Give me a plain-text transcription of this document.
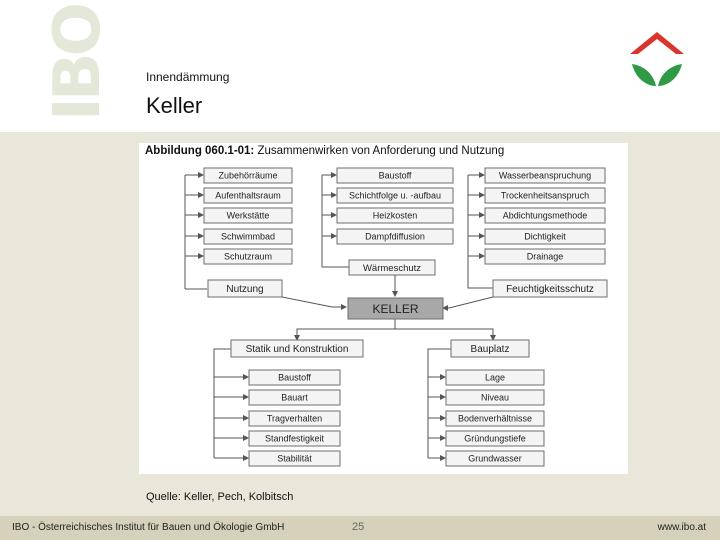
IBO	Innendämmung
Keller
Abbildung 060.1-01: Zusammenwirken von Anforderung und Nutzung
Zubehörräume
Aufenthaltsraum
Werkstätte
Schwimmbad
Schutzraum
Nutzung
Baustoff
Schichtfolge u. -aufbau
Heizkosten
Dampfdiffusion
Wärmeschutz
Wasserbeanspruchung
Trockenheitsanspruch
Abdichtungsmethode
Dichtigkeit
Drainage
Feuchtigkeitsschutz
KELLER
Statik und Konstruktion
Baustoff
Bauart
Tragverhalten
Standfestigkeit
Stabilität
Bauplatz
Lage
Niveau
Bodenverhältnisse
Gründungstiefe
Grundwasser
Quelle: Keller, Pech, Kolbitsch
IBO - Österreichisches Institut für Bauen und Ökologie GmbH	25	www.ibo.at
